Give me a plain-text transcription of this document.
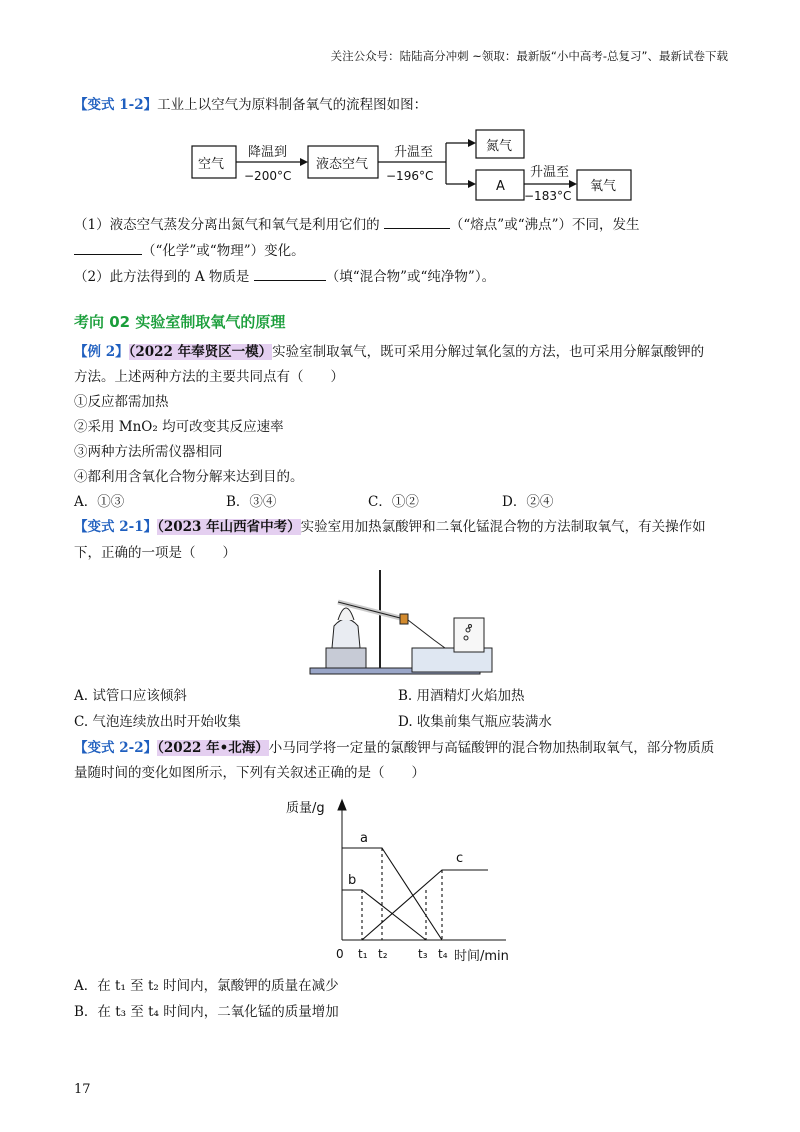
关注公众号：陆陆高分冲刺 ~领取：最新版“小中高考-总复习”、最新试卷下载
【变式 1-2】工业上以空气为原料制备氧气的流程图如图：
空气
降温到
−200°C
液态空气
升温至
−196°C
氮气
A
升温至
−183°C
氧气
（1）液态空气蒸发分离出氮气和氧气是利用它们的	（“熔点”或“沸点”）不同，发生
（“化学”或“物理”）变化。
（2）此方法得到的 A 物质是	（填“混合物”或“纯净物”）。
考向 02 实验室制取氧气的原理
【例 2】（2022 年奉贤区一模）实验室制取氧气，既可采用分解过氧化氢的方法，也可采用分解氯酸钾的
方法。上述两种方法的主要共同点有（　　）
①反应都需加热
②采用 MnO₂ 均可改变其反应速率
③两种方法所需仪器相同
④都利用含氧化合物分解来达到目的。
A．①③	B．③④	C．①②	D．②④
【变式 2-1】（2023 年山西省中考）实验室用加热氯酸钾和二氧化锰混合物的方法制取氧气，有关操作如
下，正确的一项是（　　）
A. 试管口应该倾斜	B. 用酒精灯火焰加热
C. 气泡连续放出时开始收集	D. 收集前集气瓶应装满水
【变式 2-2】（2022 年•北海）小马同学将一定量的氯酸钾与高锰酸钾的混合物加热制取氧气，部分物质质
量随时间的变化如图所示，下列有关叙述正确的是（　　）
质量/g
时间/min
0 t₁ t₂	t₃ t₄
a
b
c
A．在 t₁ 至 t₂ 时间内，氯酸钾的质量在减少
B．在 t₃ 至 t₄ 时间内，二氧化锰的质量增加
17
